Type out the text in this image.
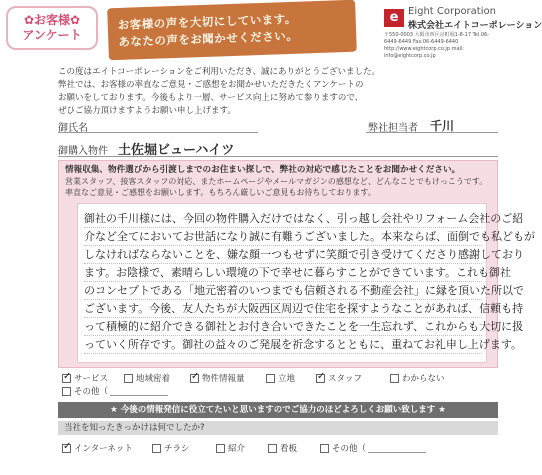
✿お客様✿
アンケート
お客様の声を大切にしています。
あなたの声をお聞かせください。
e Eight Corporation
株式会社エイトコーポレーション
〒550-0003 大阪市西区京町堀1-8-17 Tel.06-6449-6449 Fax.06-6449-6440 http://www.eightcorp.co.jp mail: info@eightcorp.co.jp
この度はエイトコーポレーションをご利用いただき、誠にありがとうございました。
弊社では、お客様の率直なご意見・ご感想をお聞かせいただきたくアンケートの
お願いをしております。今後もより一層、サービス向上に努めて参りますので、
ぜひご協力頂けますようお願い申し上げます。
御氏名	弊社担当者 千川
御購入物件 土佐堀ビューハイツ
情報収集、物件選びから引渡しまでのお住まい探しで、弊社の対応で感じたことをお聞かせください。
営業スタッフ、接客スタッフの対応、またホームページやメールマガジンの感想など、どんなことでもけっこうです。
率直なご意見・ご感想をお願いします。もちろん厳しいご意見もお待ちしております。
御社の千川様には、今回の物件購入だけではなく、引っ越し会社やリフォーム会社のご紹
介など全てにおいてお世話になり誠に有難うございました。本来ならば、面倒でも私どもが
しなければならないことを、嫌な顔一つもせずに笑顔で引き受けてくださり感謝しており
ます。お陰様で、素晴らしい環境の下で幸せに暮らすことができています。これも御社
のコンセプトである「地元密着のいつまでも信頼される不動産会社」に縁を頂いた所以で
ございます。今後、友人たちが大阪西区周辺で住宅を探すようなことがあれば、信頼も持
って積極的に紹介できる御社とお付き合いできたことを一生忘れず、これからも大切に扱
っていく所存です。御社の益々のご発展を祈念するとともに、重ねてお礼申し上げます。
✓
サービス	地域密着 ✓	物件情報量	立地 ✓	スタッフ	わからない
その他（
★ 今後の情報発信に役立てたいと思いますのでご協力のほどよろしくお願い致します ★
当社を知ったきっかけは何でしたか?
✓
インターネット	チラシ	紹介	看板	その他（
